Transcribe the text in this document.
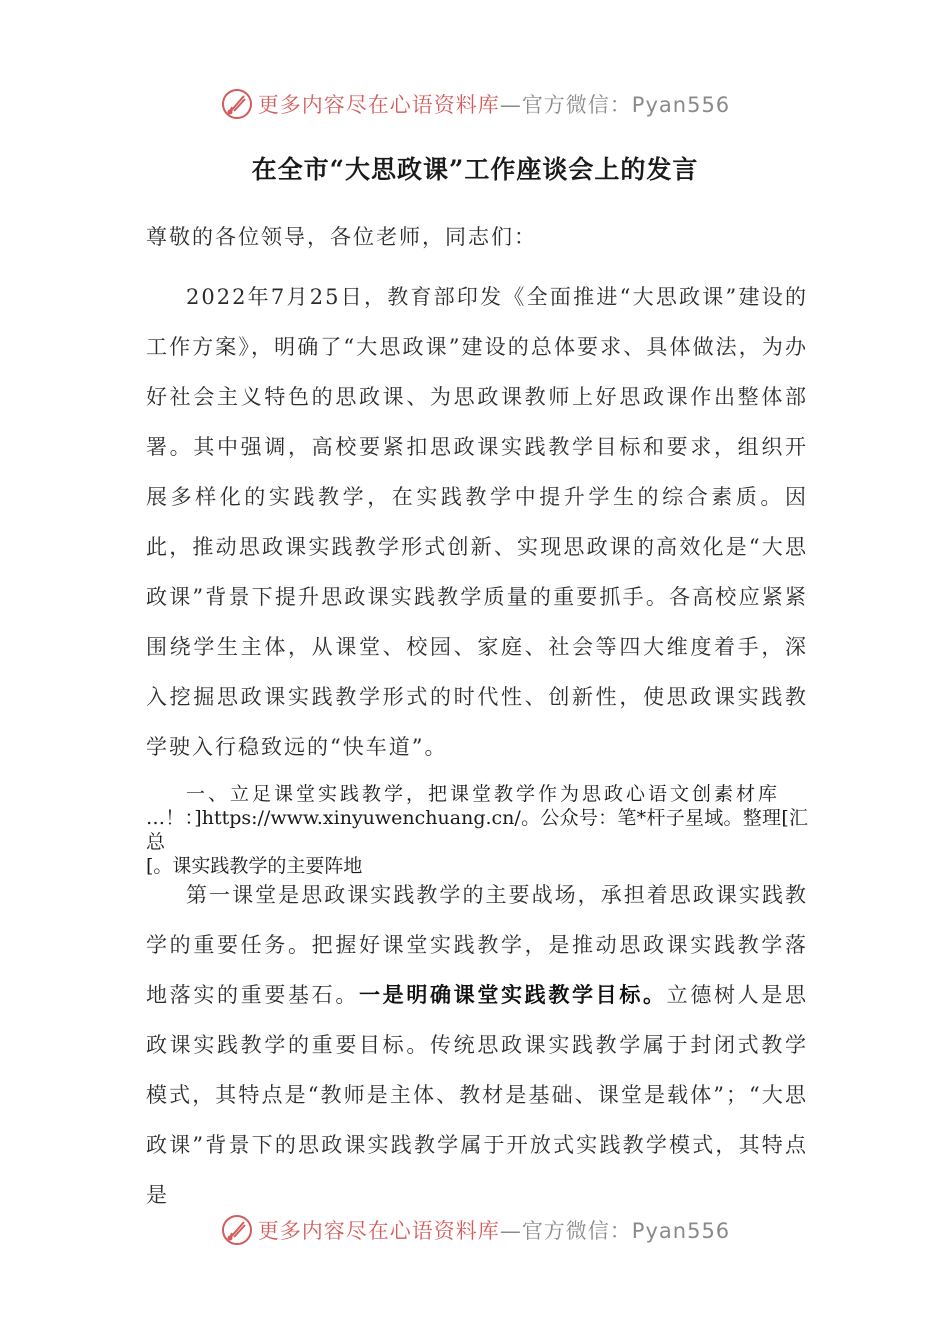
更多内容尽在心语资料库—官方微信：Pyan556
在全市“大思政课”工作座谈会上的发言
尊敬的各位领导，各位老师，同志们：
2022年7月25日，教育部印发《全面推进“大思政课”建设的工作方案》，明确了“大思政课”建设的总体要求、具体做法，为办好社会主义特色的思政课、为思政课教师上好思政课作出整体部署。其中强调，高校要紧扣思政课实践教学目标和要求，组织开展多样化的实践教学，在实践教学中提升学生的综合素质。因此，推动思政课实践教学形式创新、实现思政课的高效化是“大思政课”背景下提升思政课实践教学质量的重要抓手。各高校应紧紧围绕学生主体，从课堂、校园、家庭、社会等四大维度着手，深入挖掘思政课实践教学形式的时代性、创新性，使思政课实践教学驶入行稳致远的“快车道”。
一、立足课堂实践教学，把课堂教学作为思政心语文创素材库
…！：]https://www.xinyuwenchuang.cn/。公众号：笔*杆子星域。整理[汇总
[。课实践教学的主要阵地
第一课堂是思政课实践教学的主要战场，承担着思政课实践教学的重要任务。把握好课堂实践教学，是推动思政课实践教学落地落实的重要基石。一是明确课堂实践教学目标。立德树人是思政课实践教学的重要目标。传统思政课实践教学属于封闭式教学模式，其特点是“教师是主体、教材是基础、课堂是载体”；“大思政课”背景下的思政课实践教学属于开放式实践教学模式，其特点是
更多内容尽在心语资料库—官方微信：Pyan556
